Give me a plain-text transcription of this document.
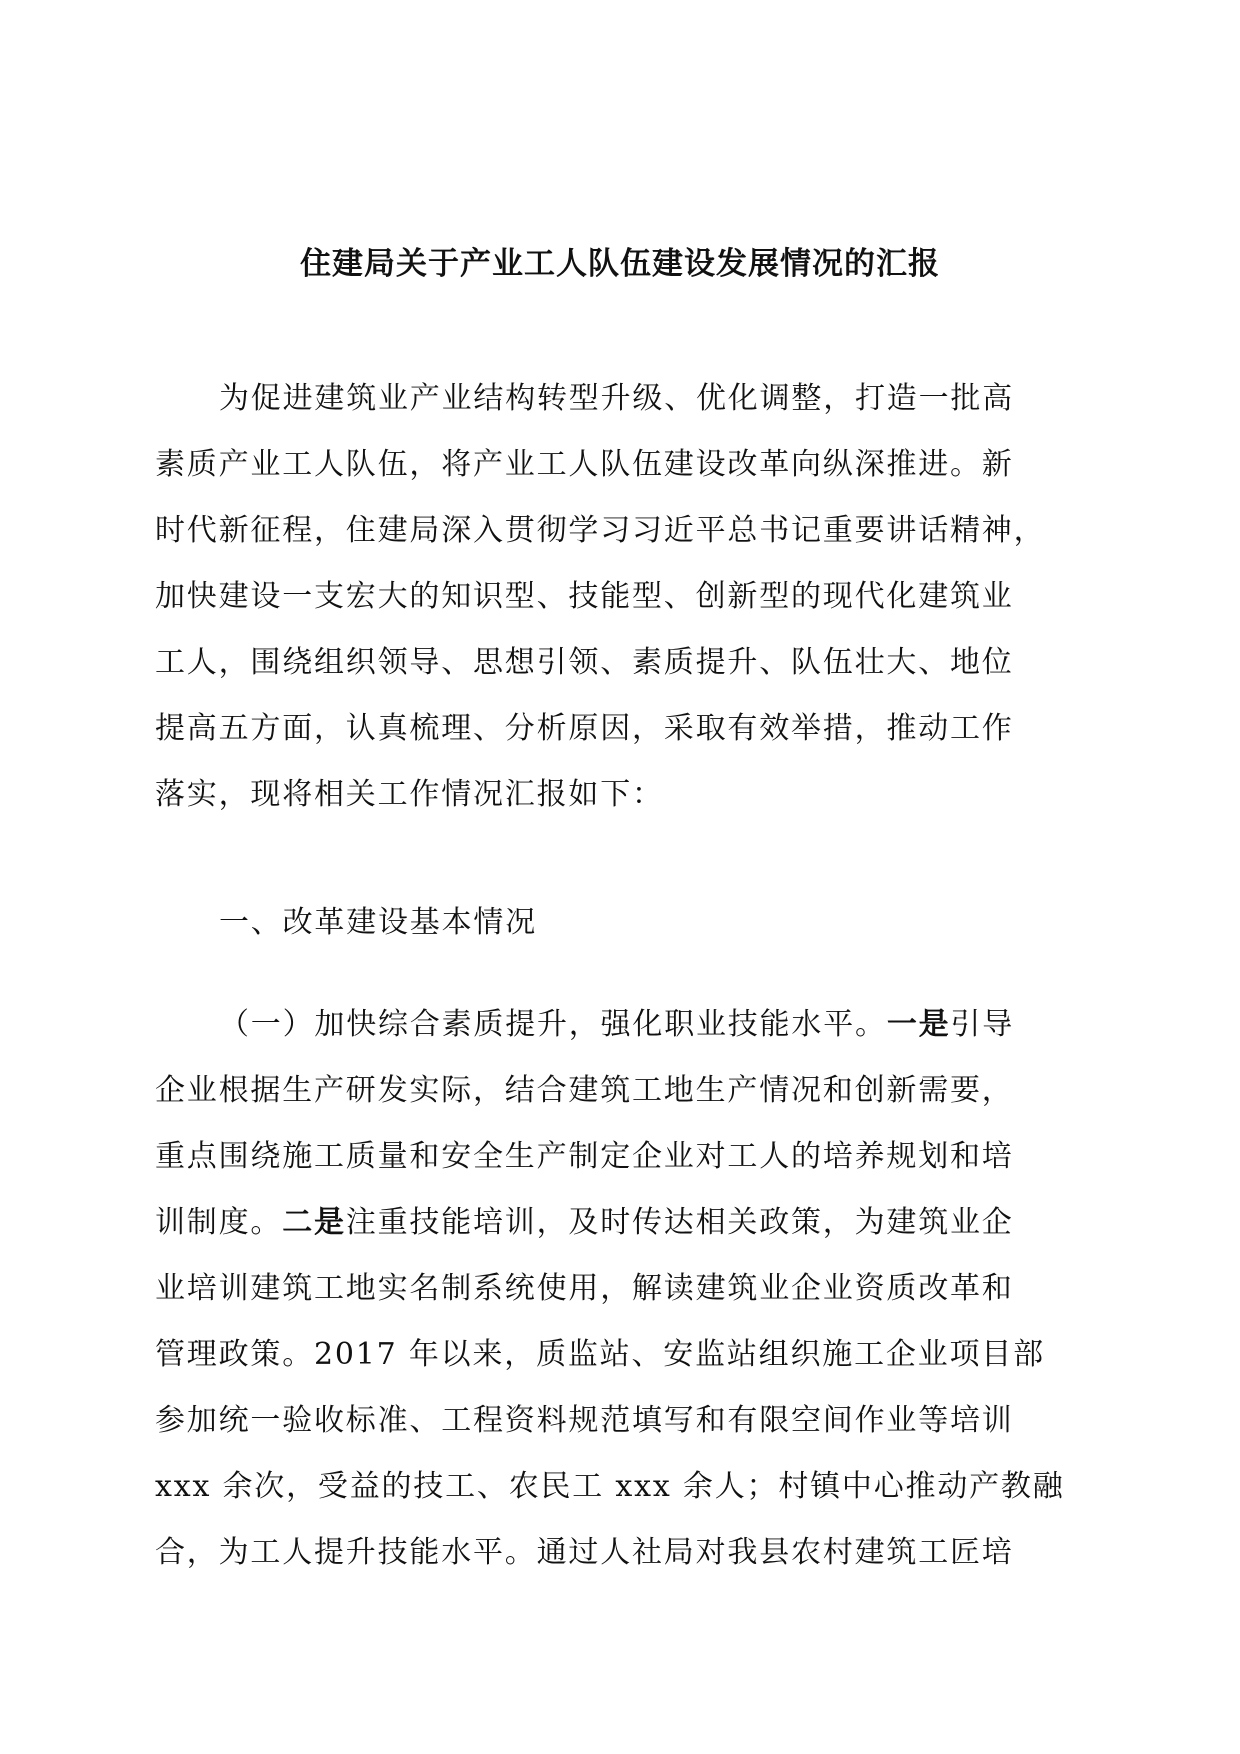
住建局关于产业工人队伍建设发展情况的汇报
为促进建筑业产业结构转型升级、优化调整，打造一批高
素质产业工人队伍，将产业工人队伍建设改革向纵深推进。新
时代新征程，住建局深入贯彻学习习近平总书记重要讲话精神，
加快建设一支宏大的知识型、技能型、创新型的现代化建筑业
工人，围绕组织领导、思想引领、素质提升、队伍壮大、地位
提高五方面，认真梳理、分析原因，采取有效举措，推动工作
落实，现将相关工作情况汇报如下：
一、改革建设基本情况
（一）加快综合素质提升，强化职业技能水平。一是引导
企业根据生产研发实际，结合建筑工地生产情况和创新需要，
重点围绕施工质量和安全生产制定企业对工人的培养规划和培
训制度。二是注重技能培训，及时传达相关政策，为建筑业企
业培训建筑工地实名制系统使用，解读建筑业企业资质改革和
管理政策。2017 年以来，质监站、安监站组织施工企业项目部
参加统一验收标准、工程资料规范填写和有限空间作业等培训
xxx 余次，受益的技工、农民工 xxx 余人；村镇中心推动产教融
合，为工人提升技能水平。通过人社局对我县农村建筑工匠培
